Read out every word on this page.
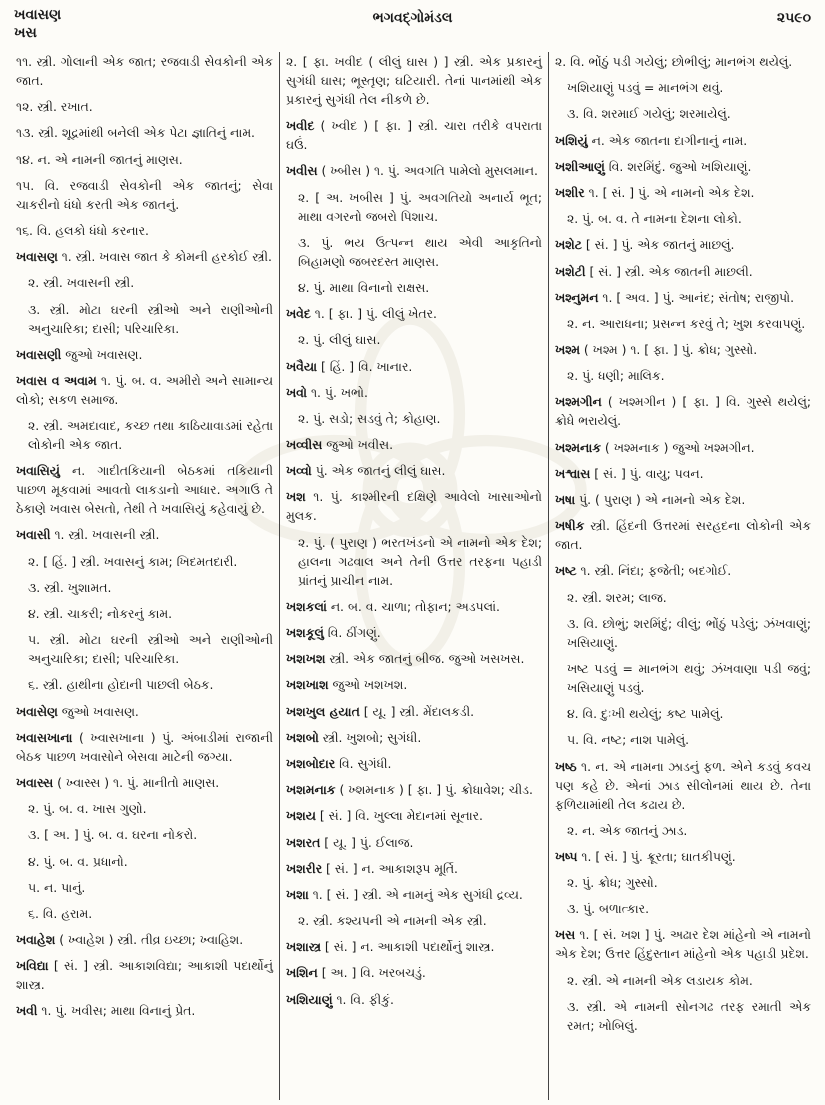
ખવાસણ
ખસ
ભગવદ્ગોમંડલ	૨૫૯૦
૧૧. સ્ત્રી. ગોલાની એક જાત; રજવાડી સેવકોની એક જાત.
૧૨. સ્ત્રી. રખાત.
૧૩. સ્ત્રી. શૂદ્રમાંથી બનેલી એક પેટા જ્ઞાતિનું નામ.
૧૪. ન. એ નામની જાતનું માણસ.
૧૫. વિ. રજવાડી સેવકોની એક જાતનું; સેવા ચાકરીનો ધંધો કરતી એક જાતનું.
૧૬. વિ. હલકો ધંધો કરનાર.
ખવાસણ ૧. સ્ત્રી. ખવાસ જાત કે કોમની હરકોઈ સ્ત્રી.
૨. સ્ત્રી. ખવાસની સ્ત્રી.
૩. સ્ત્રી. મોટા ઘરની સ્ત્રીઓ અને રાણીઓની અનુચારિકા; દાસી; પરિચારિકા.
ખવાસણી જુઓ ખવાસણ.
ખવાસ વ અવામ ૧. પું. બ. વ. અમીરો અને સામાન્ય લોકો; સકળ સમાજ.
૨. સ્ત્રી. અમદાવાદ, કચ્છ તથા કાઠિયાવાડમાં રહેતા લોકોની એક જાત.
ખવાસિયું ન. ગાદીતકિયાની બેઠકમાં તકિયાની પાછળ મૂકવામાં આવતો લાકડાનો આધાર. અગાઉ તે ઠેકાણે ખવાસ બેસતો, તેથી તે ખવાસિયું કહેવાયું છે.
ખવાસી ૧. સ્ત્રી. ખવાસની સ્ત્રી.
૨. [ હિં. ] સ્ત્રી. ખવાસનું કામ; ખિદમતદારી.
૩. સ્ત્રી. ખુશામત.
૪. સ્ત્રી. ચાકરી; નોકરનું કામ.
૫. સ્ત્રી. મોટા ઘરની સ્ત્રીઓ અને રાણીઓની અનુચારિકા; દાસી; પરિચારિકા.
૬. સ્ત્રી. હાથીના હોદાની પાછલી બેઠક.
ખવાસેણ જુઓ ખવાસણ.
ખવાસખાના ( ખ્વાસખાના ) પું. અંબાડીમાં રાજાની બેઠક પાછળ ખવાસોને બેસવા માટેની જગ્યા.
ખવાસ્સ ( ખ્વાસ્સ ) ૧. પું. માનીતો માણસ.
૨. પું. બ. વ. ખાસ ગુણો.
૩. [ અ. ] પું. બ. વ. ઘરના નોકરો.
૪. પું. બ. વ. પ્રધાનો.
૫. ન. પાનું.
૬. વિ. હરામ.
ખવાહેશ ( ખ્વાહેશ ) સ્ત્રી. તીવ્ર ઇચ્છા; ખ્વાહિશ.
ખવિદ્યા [ સં. ] સ્ત્રી. આકાશવિદ્યા; આકાશી પદાર્થોનું શાસ્ત્ર.
ખવી ૧. પું. ખવીસ; માથા વિનાનું પ્રેત.
૨. [ ફા. ખવીદ ( લીલું ઘાસ ) ] સ્ત્રી. એક પ્રકારનું સુગંધી ઘાસ; ભૂસ્તૃણ; ઘટિયારી. તેનાં પાનમાંથી એક પ્રકારનું સુગંધી તેલ નીકળે છે.
ખવીદ ( ખ્વીદ ) [ ફા. ] સ્ત્રી. ચારા તરીકે વપરાતા ઘઉં.
ખવીસ ( ખ્બીસ ) ૧. પું. અવગતિ પામેલો મુસલમાન.
૨. [ અ. ખબીસ ] પું. અવગતિયો અનાર્ય ભૂત; માથા વગરનો જબરો પિશાચ.
૩. પું. ભય ઉત્પન્ન થાય એવી આકૃતિનો બિહામણો જબરદસ્ત માણસ.
૪. પું. માથા વિનાનો રાક્ષસ.
ખવેદ ૧. [ ફા. ] પું. લીલું ખેતર.
૨. પું. લીલું ઘાસ.
ખવૈયા [ હિં. ] વિ. ખાનાર.
ખવો ૧. પું. ખભો.
૨. પું. સડો; સડવું તે; કોહાણ.
ખવ્વીસ જુઓ ખવીસ.
ખવ્વો પું. એક જાતનું લીલું ઘાસ.
ખશ ૧. પું. કાશ્મીરની દક્ષિણે આવેલો ખાસાઓનો મુલક.
૨. પું. ( પુરાણ ) ભરતખંડનો એ નામનો એક દેશ; હાલના ગઢવાલ અને તેની ઉત્તર તરફના પહાડી પ્રાંતનું પ્રાચીન નામ.
ખશકલાં ન. બ. વ. ચાળા; તોફાન; અડપલાં.
ખશકૂલું વિ. ઠીંગણું.
ખશખશ સ્ત્રી. એક જાતનું બીજ. જુઓ ખસખસ.
ખશખાશ જુઓ ખશખશ.
ખશખુલ હયાત [ યૂ. ] સ્ત્રી. મેંદાલકડી.
ખશબો સ્ત્રી. ખુશબો; સુગંધી.
ખશબોદાર વિ. સુગંધી.
ખશમનાક ( ખ્શમનાક ) [ ફા. ] પું. ક્રોધાવેશ; ચીડ.
ખશય [ સં. ] વિ. ખુલ્લા મેદાનમાં સૂનાર.
ખશરત [ યૂ. ] પું. ઈલાજ.
ખશરીર [ સં. ] ન. આકાશરૂપ મૂર્તિ.
ખશા ૧. [ સં. ] સ્ત્રી. એ નામનું એક સુગંધી દ્રવ્ય.
૨. સ્ત્રી. કશ્યપની એ નામની એક સ્ત્રી.
ખશાસ્ત્ર [ સં. ] ન. આકાશી પદાર્થોનું શાસ્ત્ર.
ખશિન [ અ. ] વિ. ખરબચડું.
ખશિયાણું ૧. વિ. ફીકું.
૨. વિ. ભોંઠું પડી ગયેલું; છોભીલું; માનભંગ થયેલું.
ખશિયાણું પડવું = માનભંગ થવું.
૩. વિ. શરમાઈ ગયેલું; શરમાયેલું.
ખશિયું ન. એક જાતના દાગીનાનું નામ.
ખશીઆણું વિ. શરમિંદું. જુઓ ખશિયાણું.
ખશીર ૧. [ સં. ] પું. એ નામનો એક દેશ.
૨. પું. બ. વ. તે નામના દેશના લોકો.
ખશેટ [ સં. ] પું. એક જાતનું માછલું.
ખશેટી [ સં. ] સ્ત્રી. એક જાતની માછલી.
ખશ્નુમન ૧. [ અવ. ] પું. આનંદ; સંતોષ; રાજીપો.
૨. ન. આરાધના; પ્રસન્ન કરવું તે; ખુશ કરવાપણું.
ખશ્મ ( ખશ્મ ) ૧. [ ફા. ] પું. ક્રોધ; ગુસ્સો.
૨. પું. ધણી; માલિક.
ખશ્મગીન ( ખશ્મગીન ) [ ફા. ] વિ. ગુસ્સે થયેલું; ક્રોધે ભરાયેલું.
ખશ્મનાક ( ખશ્મનાક ) જુઓ ખશ્મગીન.
ખશ્વાસ [ સં. ] પું. વાયુ; પવન.
ખષા પું. ( પુરાણ ) એ નામનો એક દેશ.
ખષીક સ્ત્રી. હિંદની ઉત્તરમાં સરહદના લોકોની એક જાત.
ખષ્ટ ૧. સ્ત્રી. નિંદા; ફજેતી; બદગોઈ.
૨. સ્ત્રી. શરમ; લાજ.
૩. વિ. છોભું; શરમિંદું; વીલું; ભોંઠું પડેલું; ઝંખવાણું; ખસિયાણું.
ખષ્ટ પડવું = માનભંગ થવું; ઝંખવાણા પડી જવું; ખસિયાણું પડવું.
૪. વિ. દુઃખી થયેલું; કષ્ટ પામેલું.
૫. વિ. નષ્ટ; નાશ પામેલું.
ખષ્ઠ ૧. ન. એ નામના ઝાડનું ફળ. એને કડવું કવચ પણ કહે છે. એનાં ઝાડ સીલોનમાં થાય છે. તેના ફળિયામાંથી તેલ કઢાય છે.
૨. ન. એક જાતનું ઝાડ.
ખષ્પ ૧. [ સં. ] પું. ક્રૂરતા; ઘાતકીપણું.
૨. પું. ક્રોધ; ગુસ્સો.
૩. પું. બળાત્કાર.
ખસ ૧. [ સં. ખશ ] પું. અઢાર દેશ માંહેનો એ નામનો એક દેશ; ઉત્તર હિંદુસ્તાન માંહેનો એક પહાડી પ્રદેશ.
૨. સ્ત્રી. એ નામની એક લડાયક કોમ.
૩. સ્ત્રી. એ નામની સોનગઢ તરફ રમાતી એક રમત; ખોબિલું.
